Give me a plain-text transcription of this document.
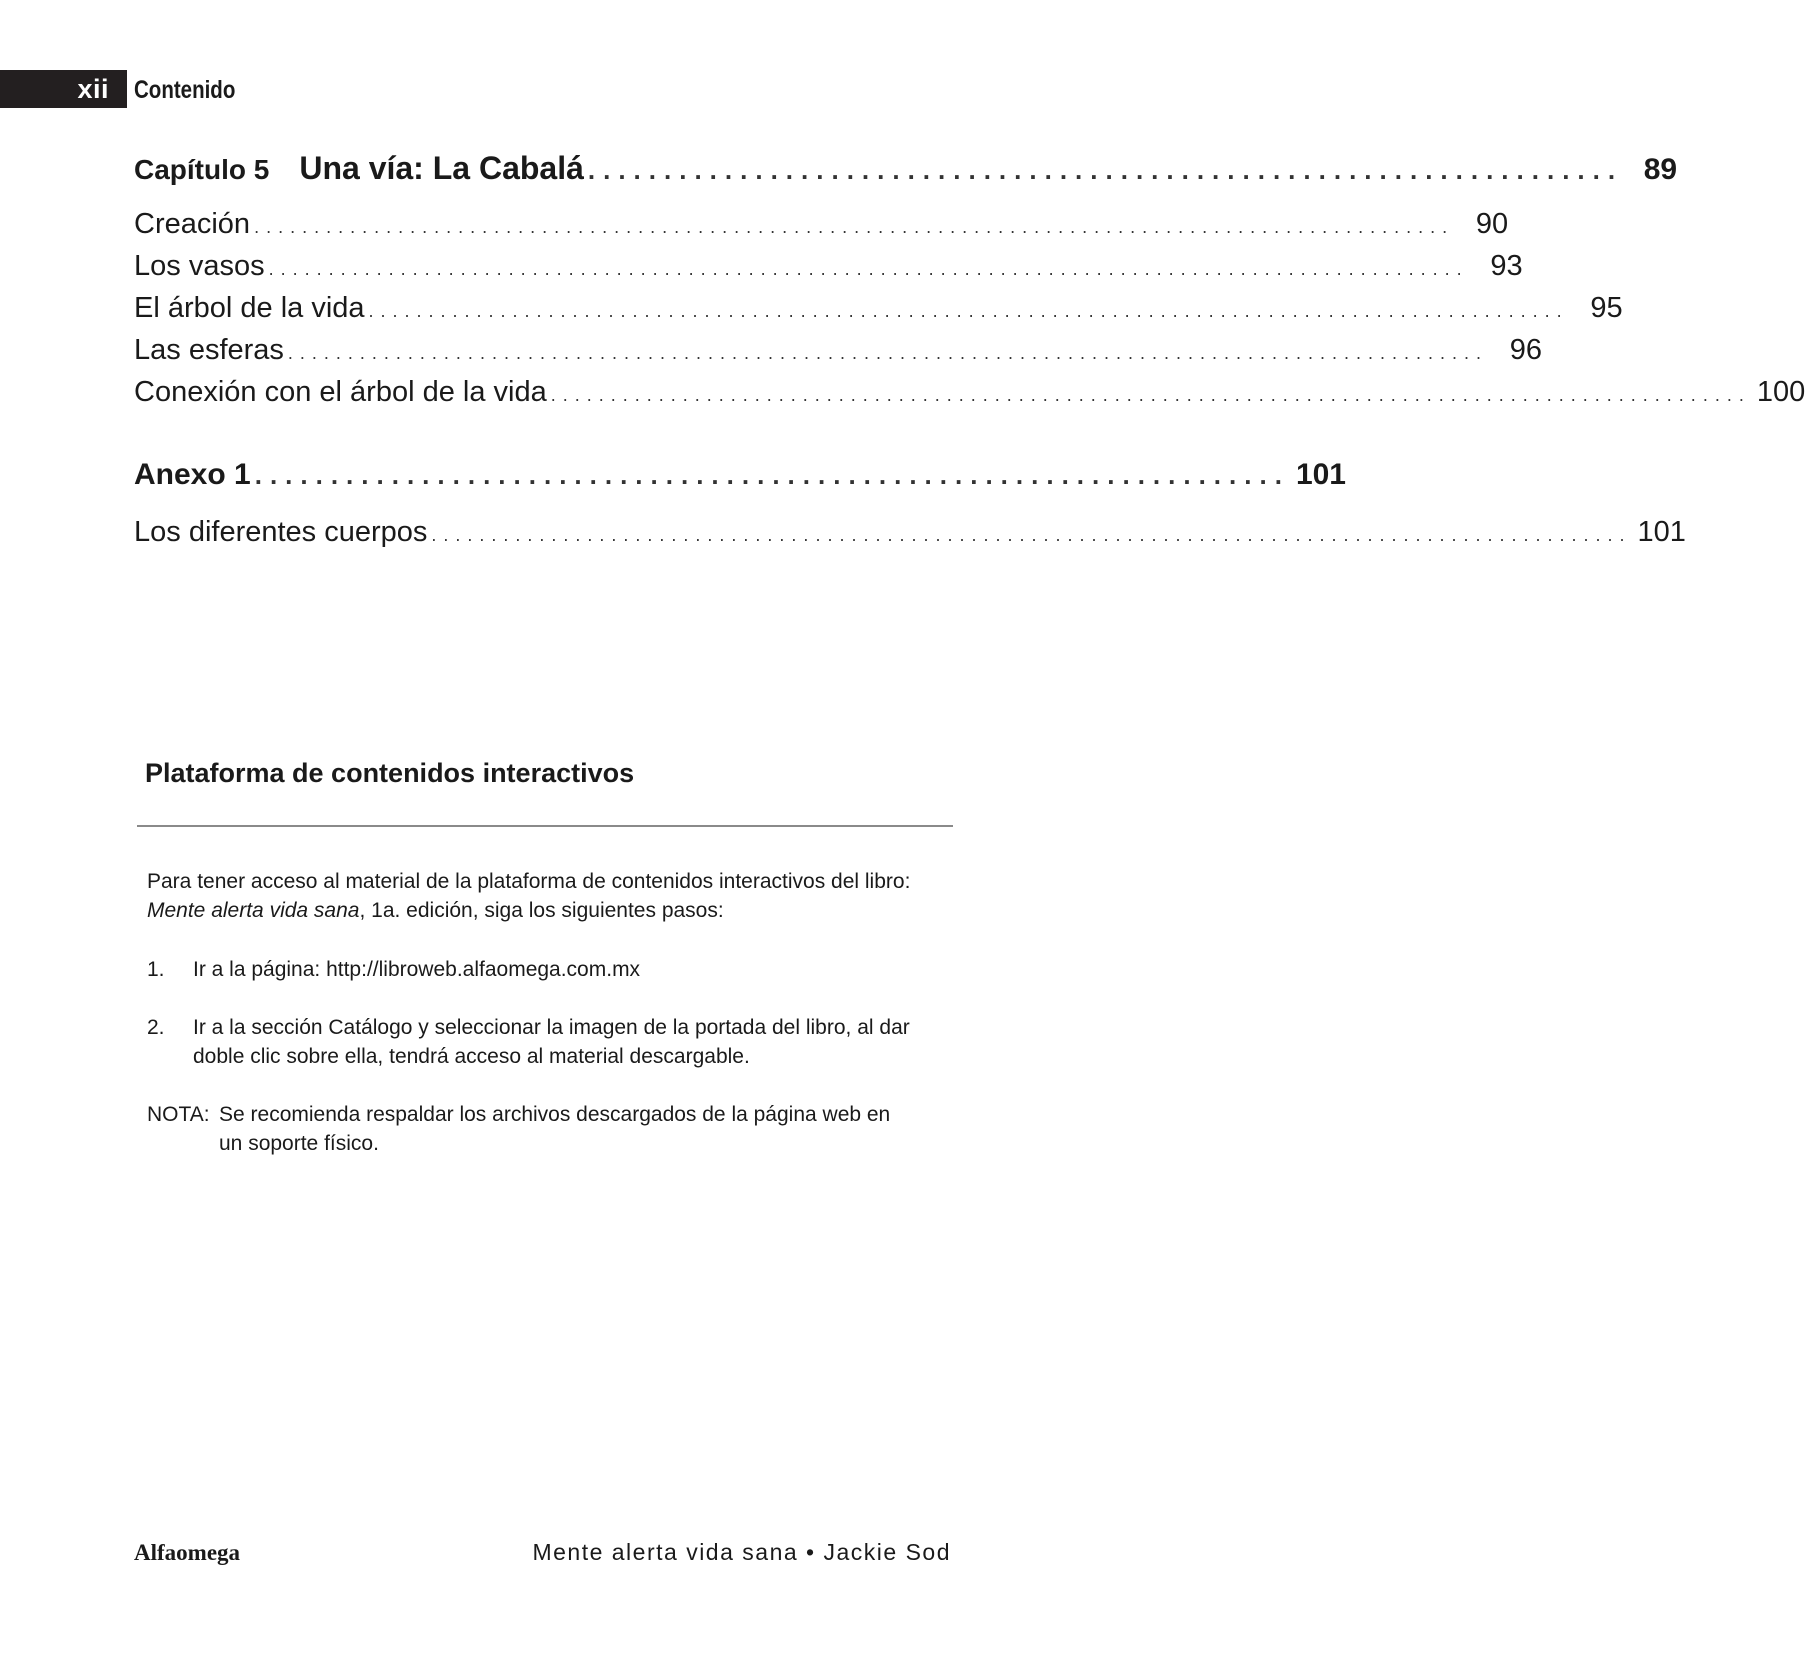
xii Contenido
Capítulo 5 Una vía: La Cabalá .................................................................... 89
Creación .................................................................................................... 90
Los vasos .................................................................................................... 93
El árbol de la vida .................................................................................................... 95
Las esferas .................................................................................................... 96
Conexión con el árbol de la vida .................................................................................................... 100
Anexo 1 .................................................................... 101
Los diferentes cuerpos .................................................................................................... 101
Plataforma de contenidos interactivos
Para tener acceso al material de la plataforma de contenidos interactivos del libro: Mente alerta vida sana, 1a. edición, siga los siguientes pasos:
1. Ir a la página: http://libroweb.alfaomega.com.mx
2. Ir a la sección Catálogo y seleccionar la imagen de la portada del libro, al dar doble clic sobre ella, tendrá acceso al material descargable.
NOTA: Se recomienda respaldar los archivos descargados de la página web en un soporte físico.
Alfaomega	Mente alerta vida sana • Jackie Sod
